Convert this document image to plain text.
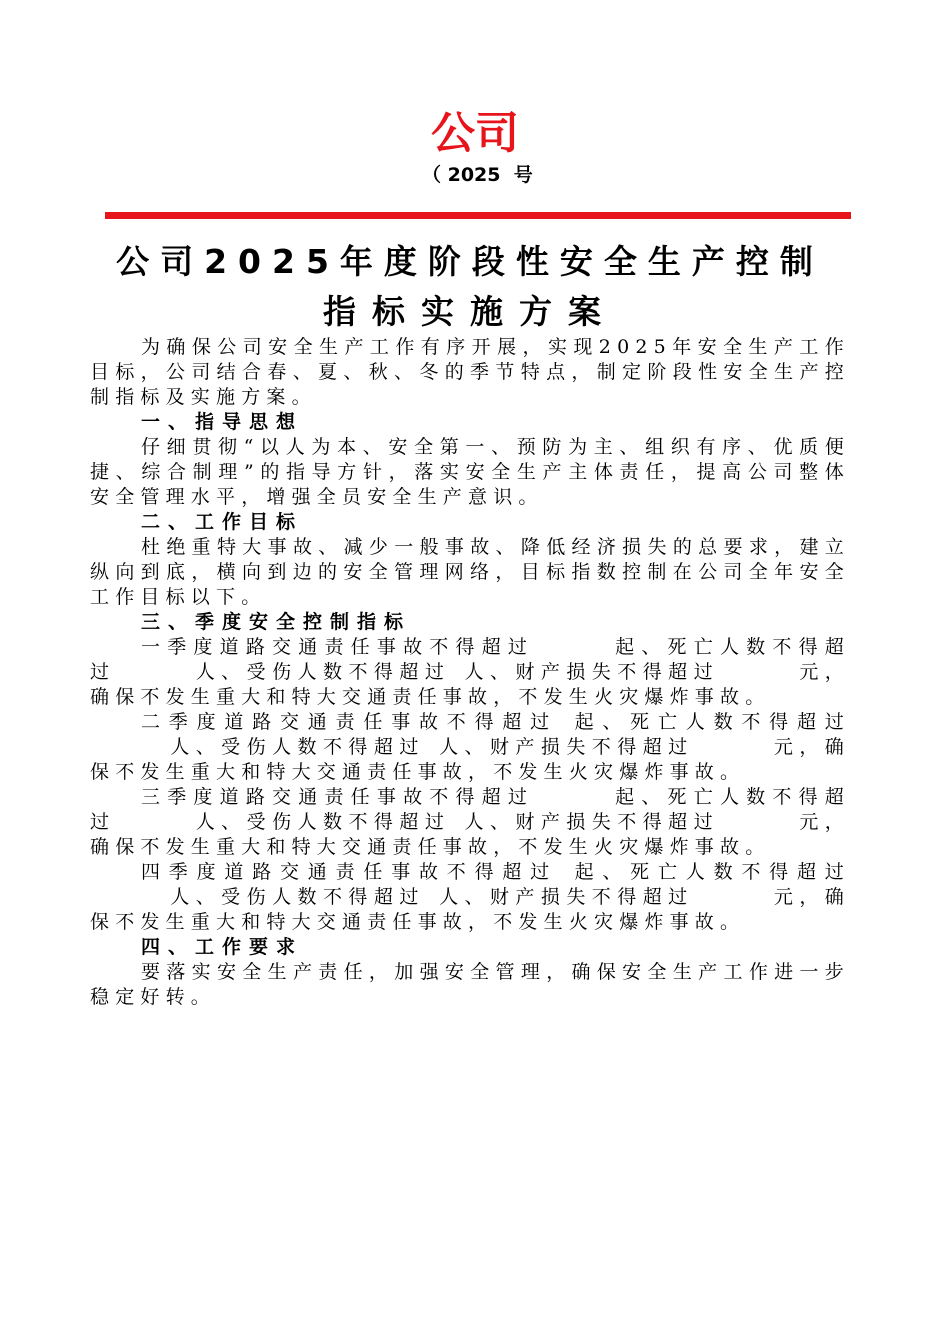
公司
（ 2025  号
公司2025年度阶段性安全生产控制
指标实施方案

为确保公司安全生产工作有序开展，实现2025年安全生产工作目标，公司结合春、夏、秋、冬的季节特点，制定阶段性安全生产控制指标及实施方案。

一、指导思想

仔细贯彻“以人为本、安全第一、预防为主、组织有序、优质便捷、综合制理”的指导方针，落实安全生产主体责任，提高公司整体安全管理水平，增强全员安全生产意识。

二、工作目标

杜绝重特大事故、减少一般事故、降低经济损失的总要求，建立纵向到底，横向到边的安全管理网络，目标指数控制在公司全年安全工作目标以下。

三、季度安全控制指标

一季度道路交通责任事故不得超过	起、死亡人数不得超过	人、受伤人数不得超过 人、财产损失不得超过	元，确保不发生重大和特大交通责任事故，不发生火灾爆炸事故。

二季度道路交通责任事故不得超过 起、死亡人数不得超过人、受伤人数不得超过 人、财产损失不得超过	元，确保不发生重大和特大交通责任事故，不发生火灾爆炸事故。

三季度道路交通责任事故不得超过	起、死亡人数不得超过	人、受伤人数不得超过 人、财产损失不得超过	元，确保不发生重大和特大交通责任事故，不发生火灾爆炸事故。

四季度道路交通责任事故不得超过 起、死亡人数不得超过人、受伤人数不得超过 人、财产损失不得超过	元，确保不发生重大和特大交通责任事故，不发生火灾爆炸事故。

四、工作要求

要落实安全生产责任，加强安全管理，确保安全生产工作进一步稳定好转。
